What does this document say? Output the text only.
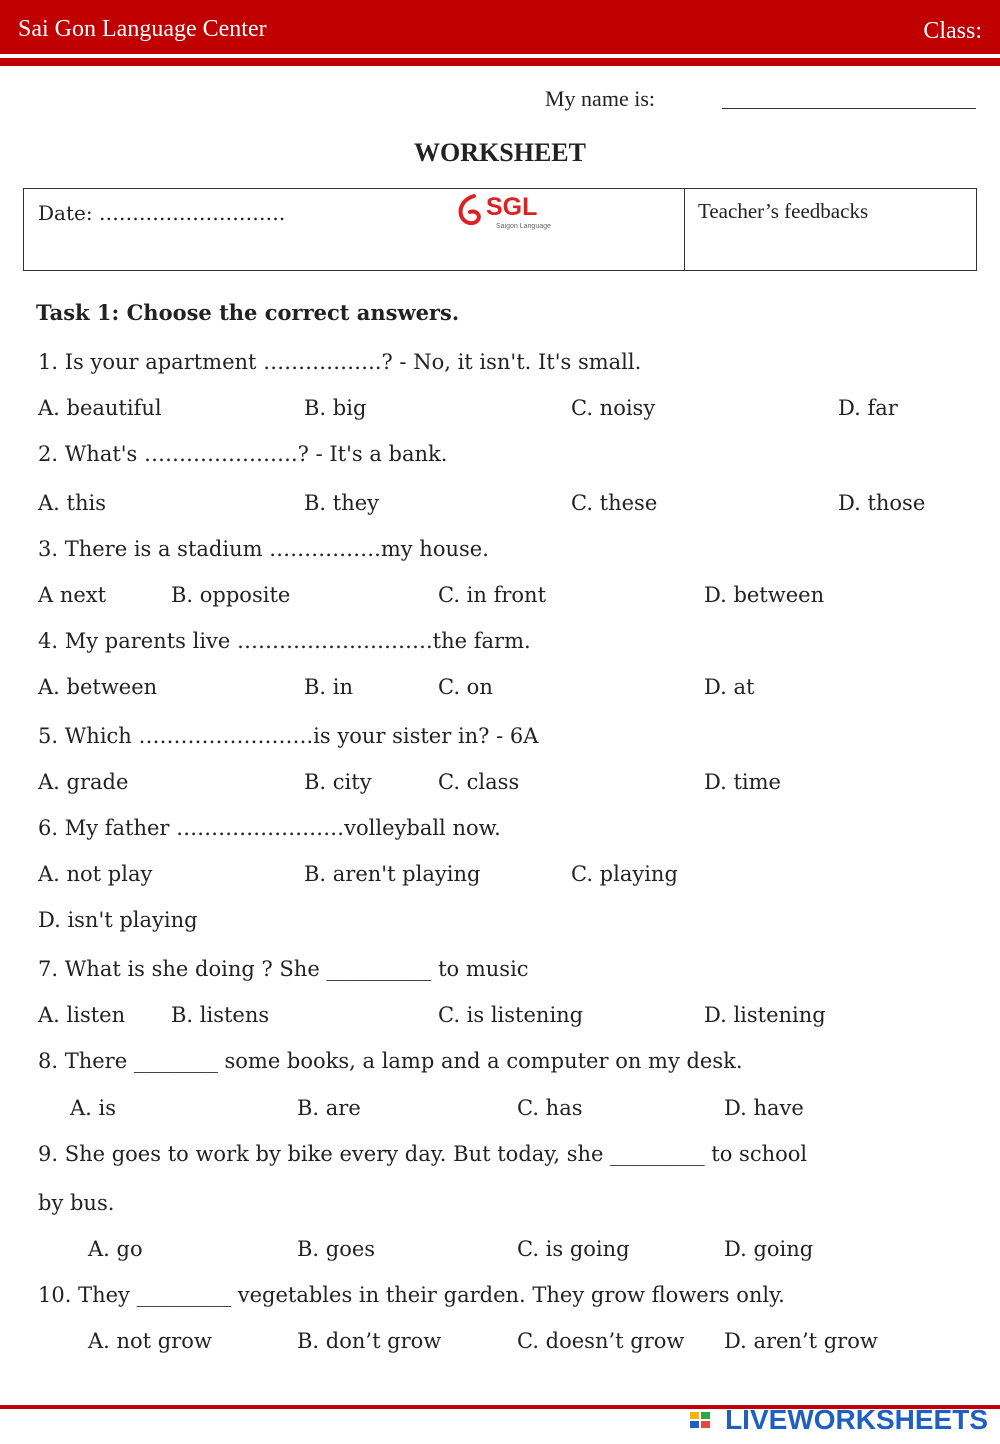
Sai Gon Language Center	Class:
My name is:
WORKSHEET
Date: ……………………….	SGL
Saigon Language
Teacher’s feedbacks
Task 1: Choose the correct answers.
1. Is your apartment ……………..? - No, it isn't. It's small.
A. beautiful	B. big	C. noisy	D. far
2. What's ………………….? - It's a bank.
A. this	B. they	C. these	D. those
3. There is a stadium …………….my house.
A next	B. opposite	C. in front	D. between
4. My parents live ……………………….the farm.
A. between	B. in	C. on	D. at
5. Which …………………….is your sister in? - 6A
A. grade	B. city	C. class	D. time
6. My father ……………………volleyball now.
A. not play	B. aren't playing	C. playing
D. isn't playing
7. What is she doing ? She __________ to music
A. listen B. listens	C. is listening	D. listening
8. There ________ some books, a lamp and a computer on my desk.
A. is	B. are	C. has	D. have
9. She goes to work by bike every day. But today, she _________ to school
by bus.
A. go	B. goes	C. is going	D. going
10. They _________ vegetables in their garden. They grow flowers only.
A. not grow	B. don’t grow	C. doesn’t grow D. aren’t grow
LIVEWORKSHEETS
